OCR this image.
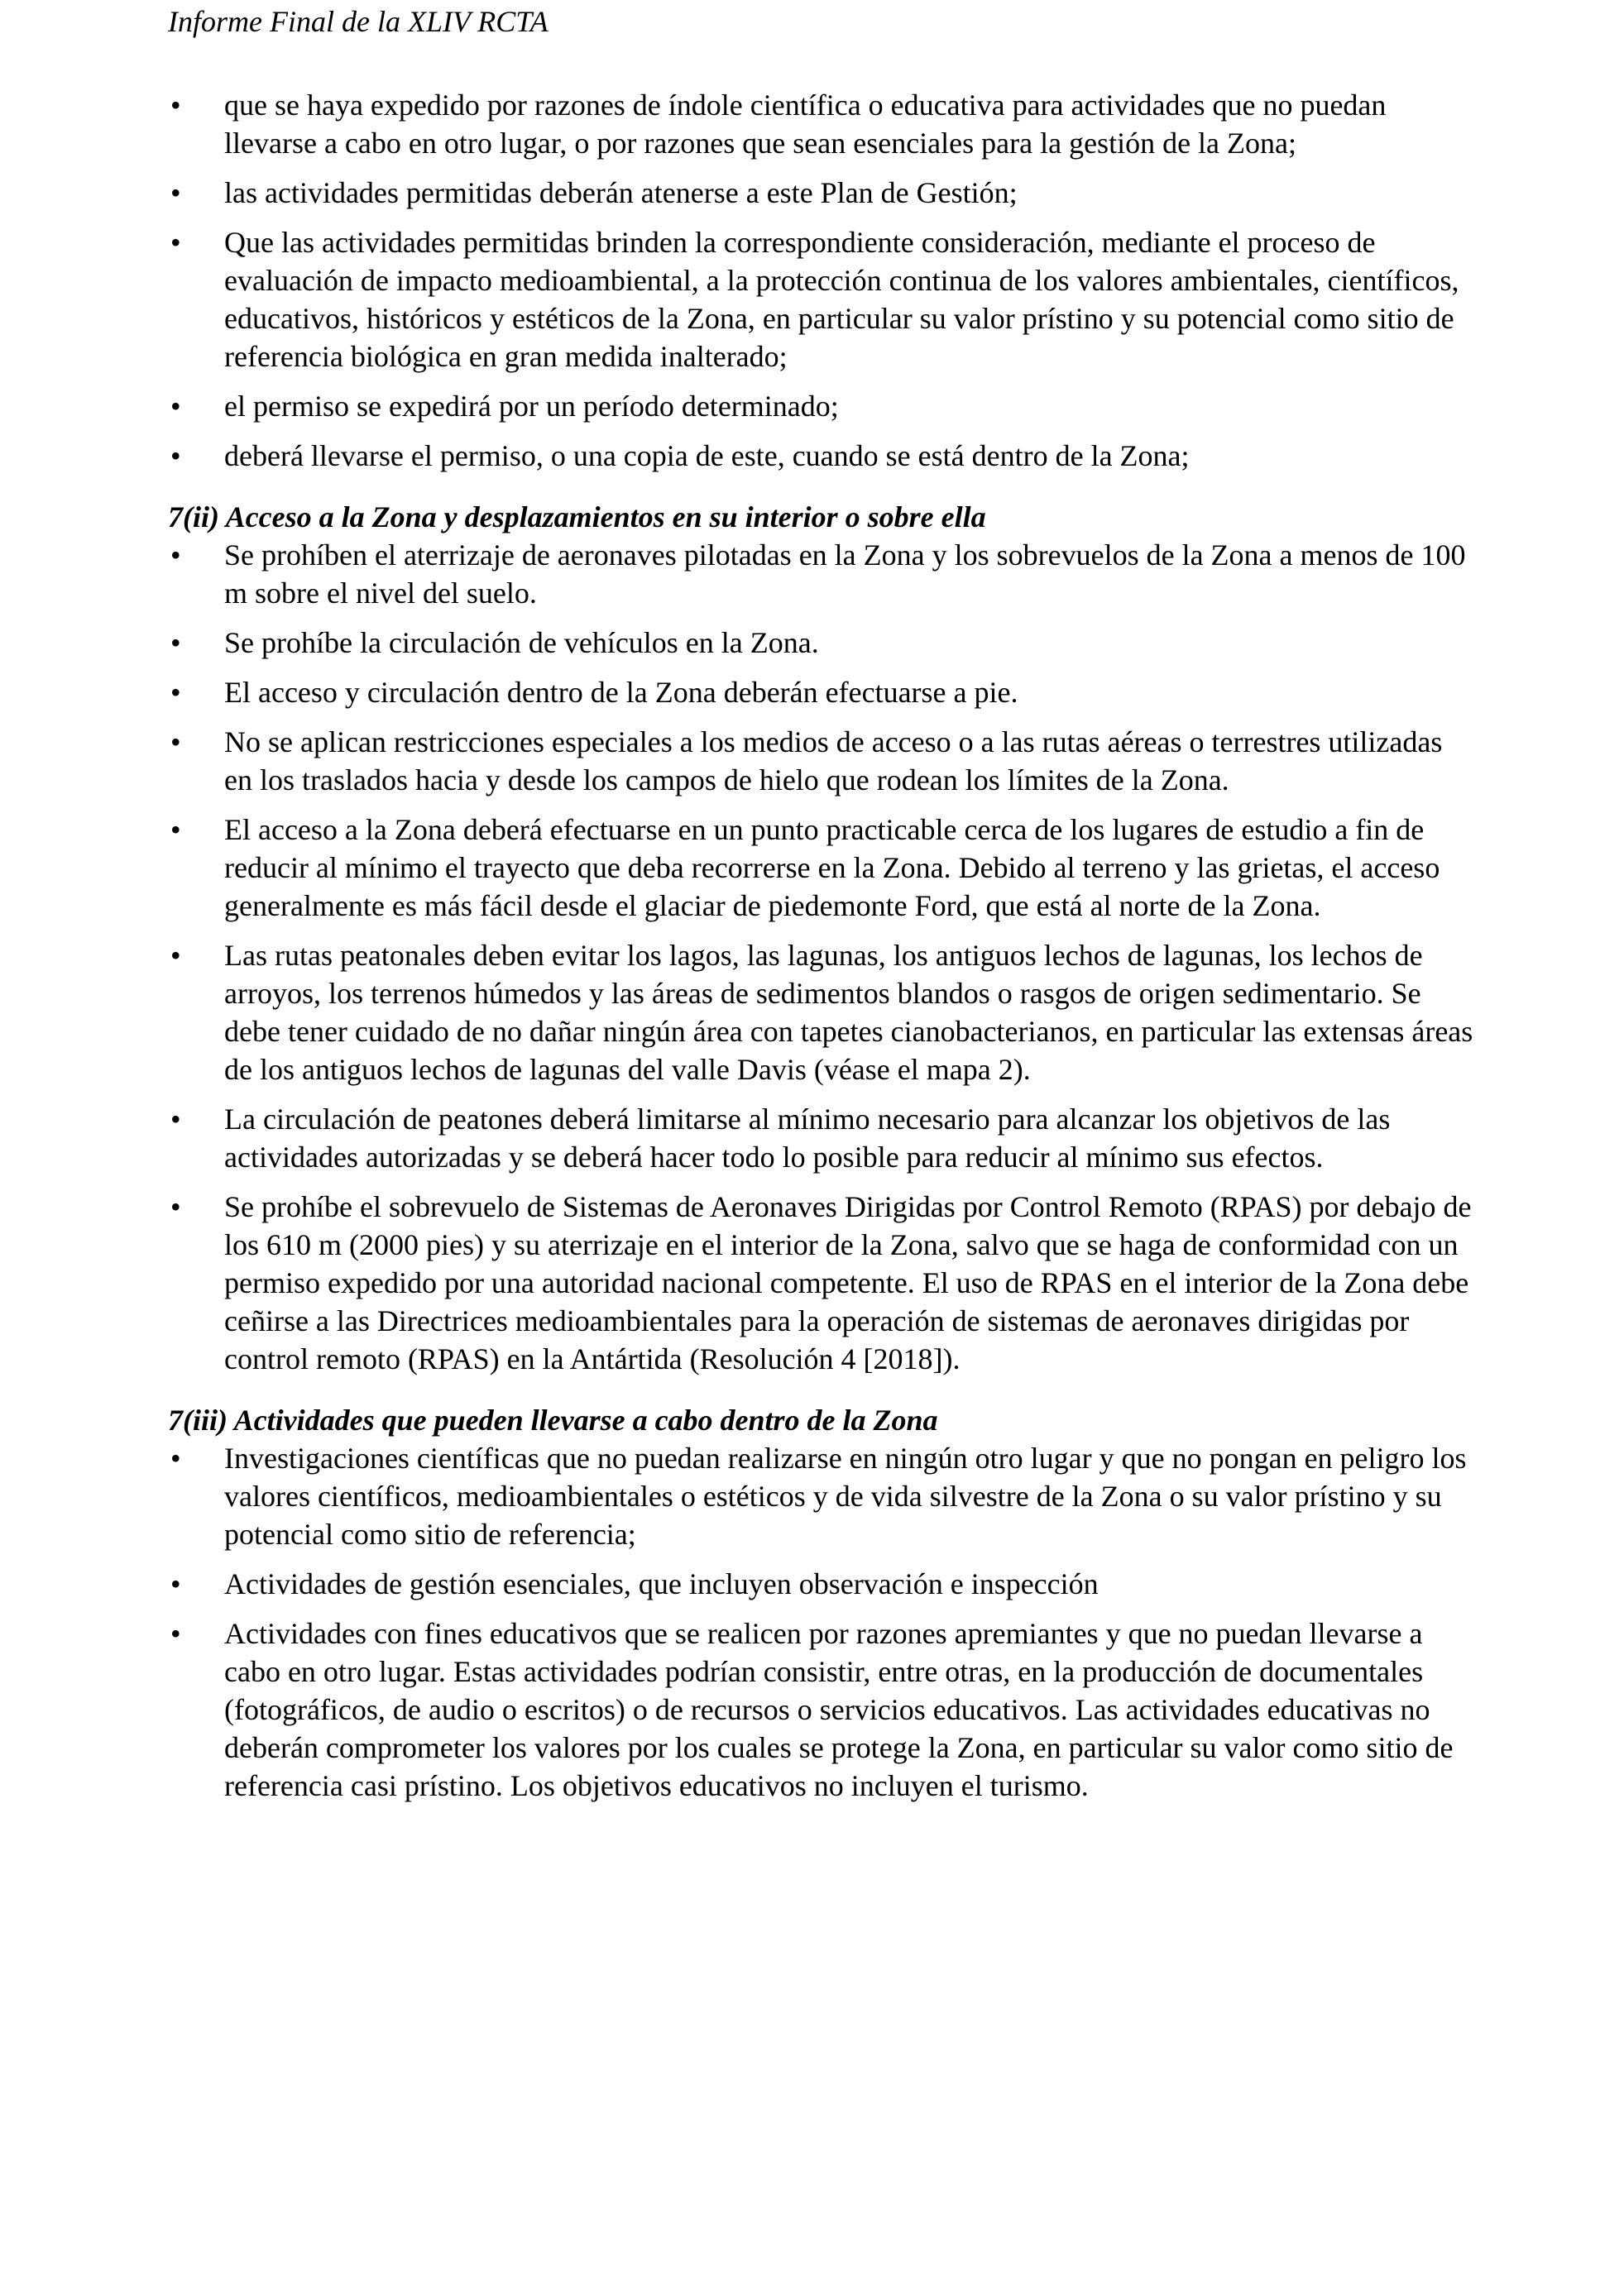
Informe Final de la XLIV RCTA
• que se haya expedido por razones de índole científica o educativa para actividades que no puedan llevarse a cabo en otro lugar, o por razones que sean esenciales para la gestión de la Zona;
• las actividades permitidas deberán atenerse a este Plan de Gestión;
• Que las actividades permitidas brinden la correspondiente consideración, mediante el proceso de evaluación de impacto medioambiental, a la protección continua de los valores ambientales, científicos, educativos, históricos y estéticos de la Zona, en particular su valor prístino y su potencial como sitio de referencia biológica en gran medida inalterado;
• el permiso se expedirá por un período determinado;
• deberá llevarse el permiso, o una copia de este, cuando se está dentro de la Zona;
7(ii) Acceso a la Zona y desplazamientos en su interior o sobre ella
• Se prohíben el aterrizaje de aeronaves pilotadas en la Zona y los sobrevuelos de la Zona a menos de 100 m sobre el nivel del suelo.
• Se prohíbe la circulación de vehículos en la Zona.
• El acceso y circulación dentro de la Zona deberán efectuarse a pie.
• No se aplican restricciones especiales a los medios de acceso o a las rutas aéreas o terrestres utilizadas en los traslados hacia y desde los campos de hielo que rodean los límites de la Zona.
• El acceso a la Zona deberá efectuarse en un punto practicable cerca de los lugares de estudio a fin de reducir al mínimo el trayecto que deba recorrerse en la Zona. Debido al terreno y las grietas, el acceso generalmente es más fácil desde el glaciar de piedemonte Ford, que está al norte de la Zona.
• Las rutas peatonales deben evitar los lagos, las lagunas, los antiguos lechos de lagunas, los lechos de arroyos, los terrenos húmedos y las áreas de sedimentos blandos o rasgos de origen sedimentario. Se debe tener cuidado de no dañar ningún área con tapetes cianobacterianos, en particular las extensas áreas de los antiguos lechos de lagunas del valle Davis (véase el mapa 2).
• La circulación de peatones deberá limitarse al mínimo necesario para alcanzar los objetivos de las actividades autorizadas y se deberá hacer todo lo posible para reducir al mínimo sus efectos.
• Se prohíbe el sobrevuelo de Sistemas de Aeronaves Dirigidas por Control Remoto (RPAS) por debajo de los 610 m (2000 pies) y su aterrizaje en el interior de la Zona, salvo que se haga de conformidad con un permiso expedido por una autoridad nacional competente. El uso de RPAS en el interior de la Zona debe ceñirse a las Directrices medioambientales para la operación de sistemas de aeronaves dirigidas por control remoto (RPAS) en la Antártida (Resolución 4 [2018]).
7(iii) Actividades que pueden llevarse a cabo dentro de la Zona
• Investigaciones científicas que no puedan realizarse en ningún otro lugar y que no pongan en peligro los valores científicos, medioambientales o estéticos y de vida silvestre de la Zona o su valor prístino y su potencial como sitio de referencia;
• Actividades de gestión esenciales, que incluyen observación e inspección
• Actividades con fines educativos que se realicen por razones apremiantes y que no puedan llevarse a cabo en otro lugar. Estas actividades podrían consistir, entre otras, en la producción de documentales (fotográficos, de audio o escritos) o de recursos o servicios educativos. Las actividades educativas no deberán comprometer los valores por los cuales se protege la Zona, en particular su valor como sitio de referencia casi prístino. Los objetivos educativos no incluyen el turismo.
